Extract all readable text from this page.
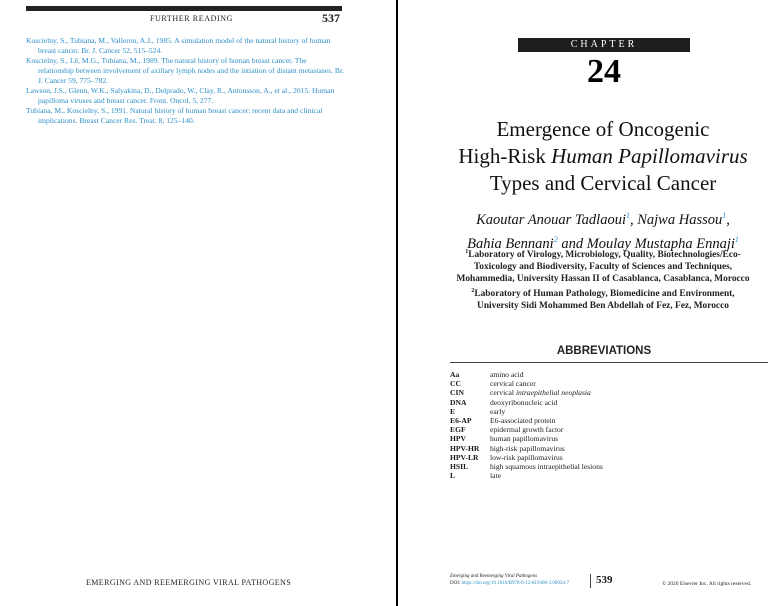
FURTHER READING	537
Koscielny, S., Tubiana, M., Valleron, A.J., 1985. A simulation model of the natural history of human breast cancer. Br. J. Cancer 52, 515–524.
Koscielny, S., Lê, M.G., Tubiana, M., 1989. The natural history of human breast cancer. The relationship between involvement of axillary lymph nodes and the intiation of distant metastases. Br. J. Cancer 59, 775–782.
Lawson, J.S., Glenn, W.K., Salyakina, D., Delprado, W., Clay, R., Antonsson, A., et al., 2015. Human papilloma viruses and breast cancer. Front. Oncol. 5, 277.
Tubiana, M., Koscielny, S., 1991. Natural history of human breast cancer: recent data and clinical implications. Breast Cancer Res. Treat. 8, 125–140.
EMERGING AND REEMERGING VIRAL PATHOGENS
CHAPTER
24
Emergence of Oncogenic
High-Risk Human Papillomavirus
Types and Cervical Cancer
Kaoutar Anouar Tadlaoui$^1$, Najwa Hassou$^1$,
Bahia Bennani$^2$ and Moulay Mustapha Ennaji$^1$
$^1$Laboratory of Virology, Microbiology, Quality, Biotechnologies/Eco-
Toxicology and Biodiversity, Faculty of Sciences and Techniques,
Mohammedia, University Hassan II of Casablanca, Casablanca, Morocco
$^2$Laboratory of Human Pathology, Biomedicine and Environment,
University Sidi Mohammed Ben Abdellah of Fez, Fez, Morocco
ABBREVIATIONS
Aa	amino acid
CC	cervical cancer
CIN	cervical intraepithelial neoplasia
DNA	deoxyribonucleic acid
E	early
E6-AP E6-associated protein
EGF	epidermal growth factor
HPV	human papillomavirus
HPV-HR high-risk papillomavirus
HPV-LR low-risk papillomavirus
HSIL	high squamous intraepithelial lesions
L	late
Emerging and Reemerging Viral Pathogens
DOI: https://doi.org/10.1016/B978-0-12-819400-3.00024-7 539	© 2020 Elsevier Inc. All rights reserved.
